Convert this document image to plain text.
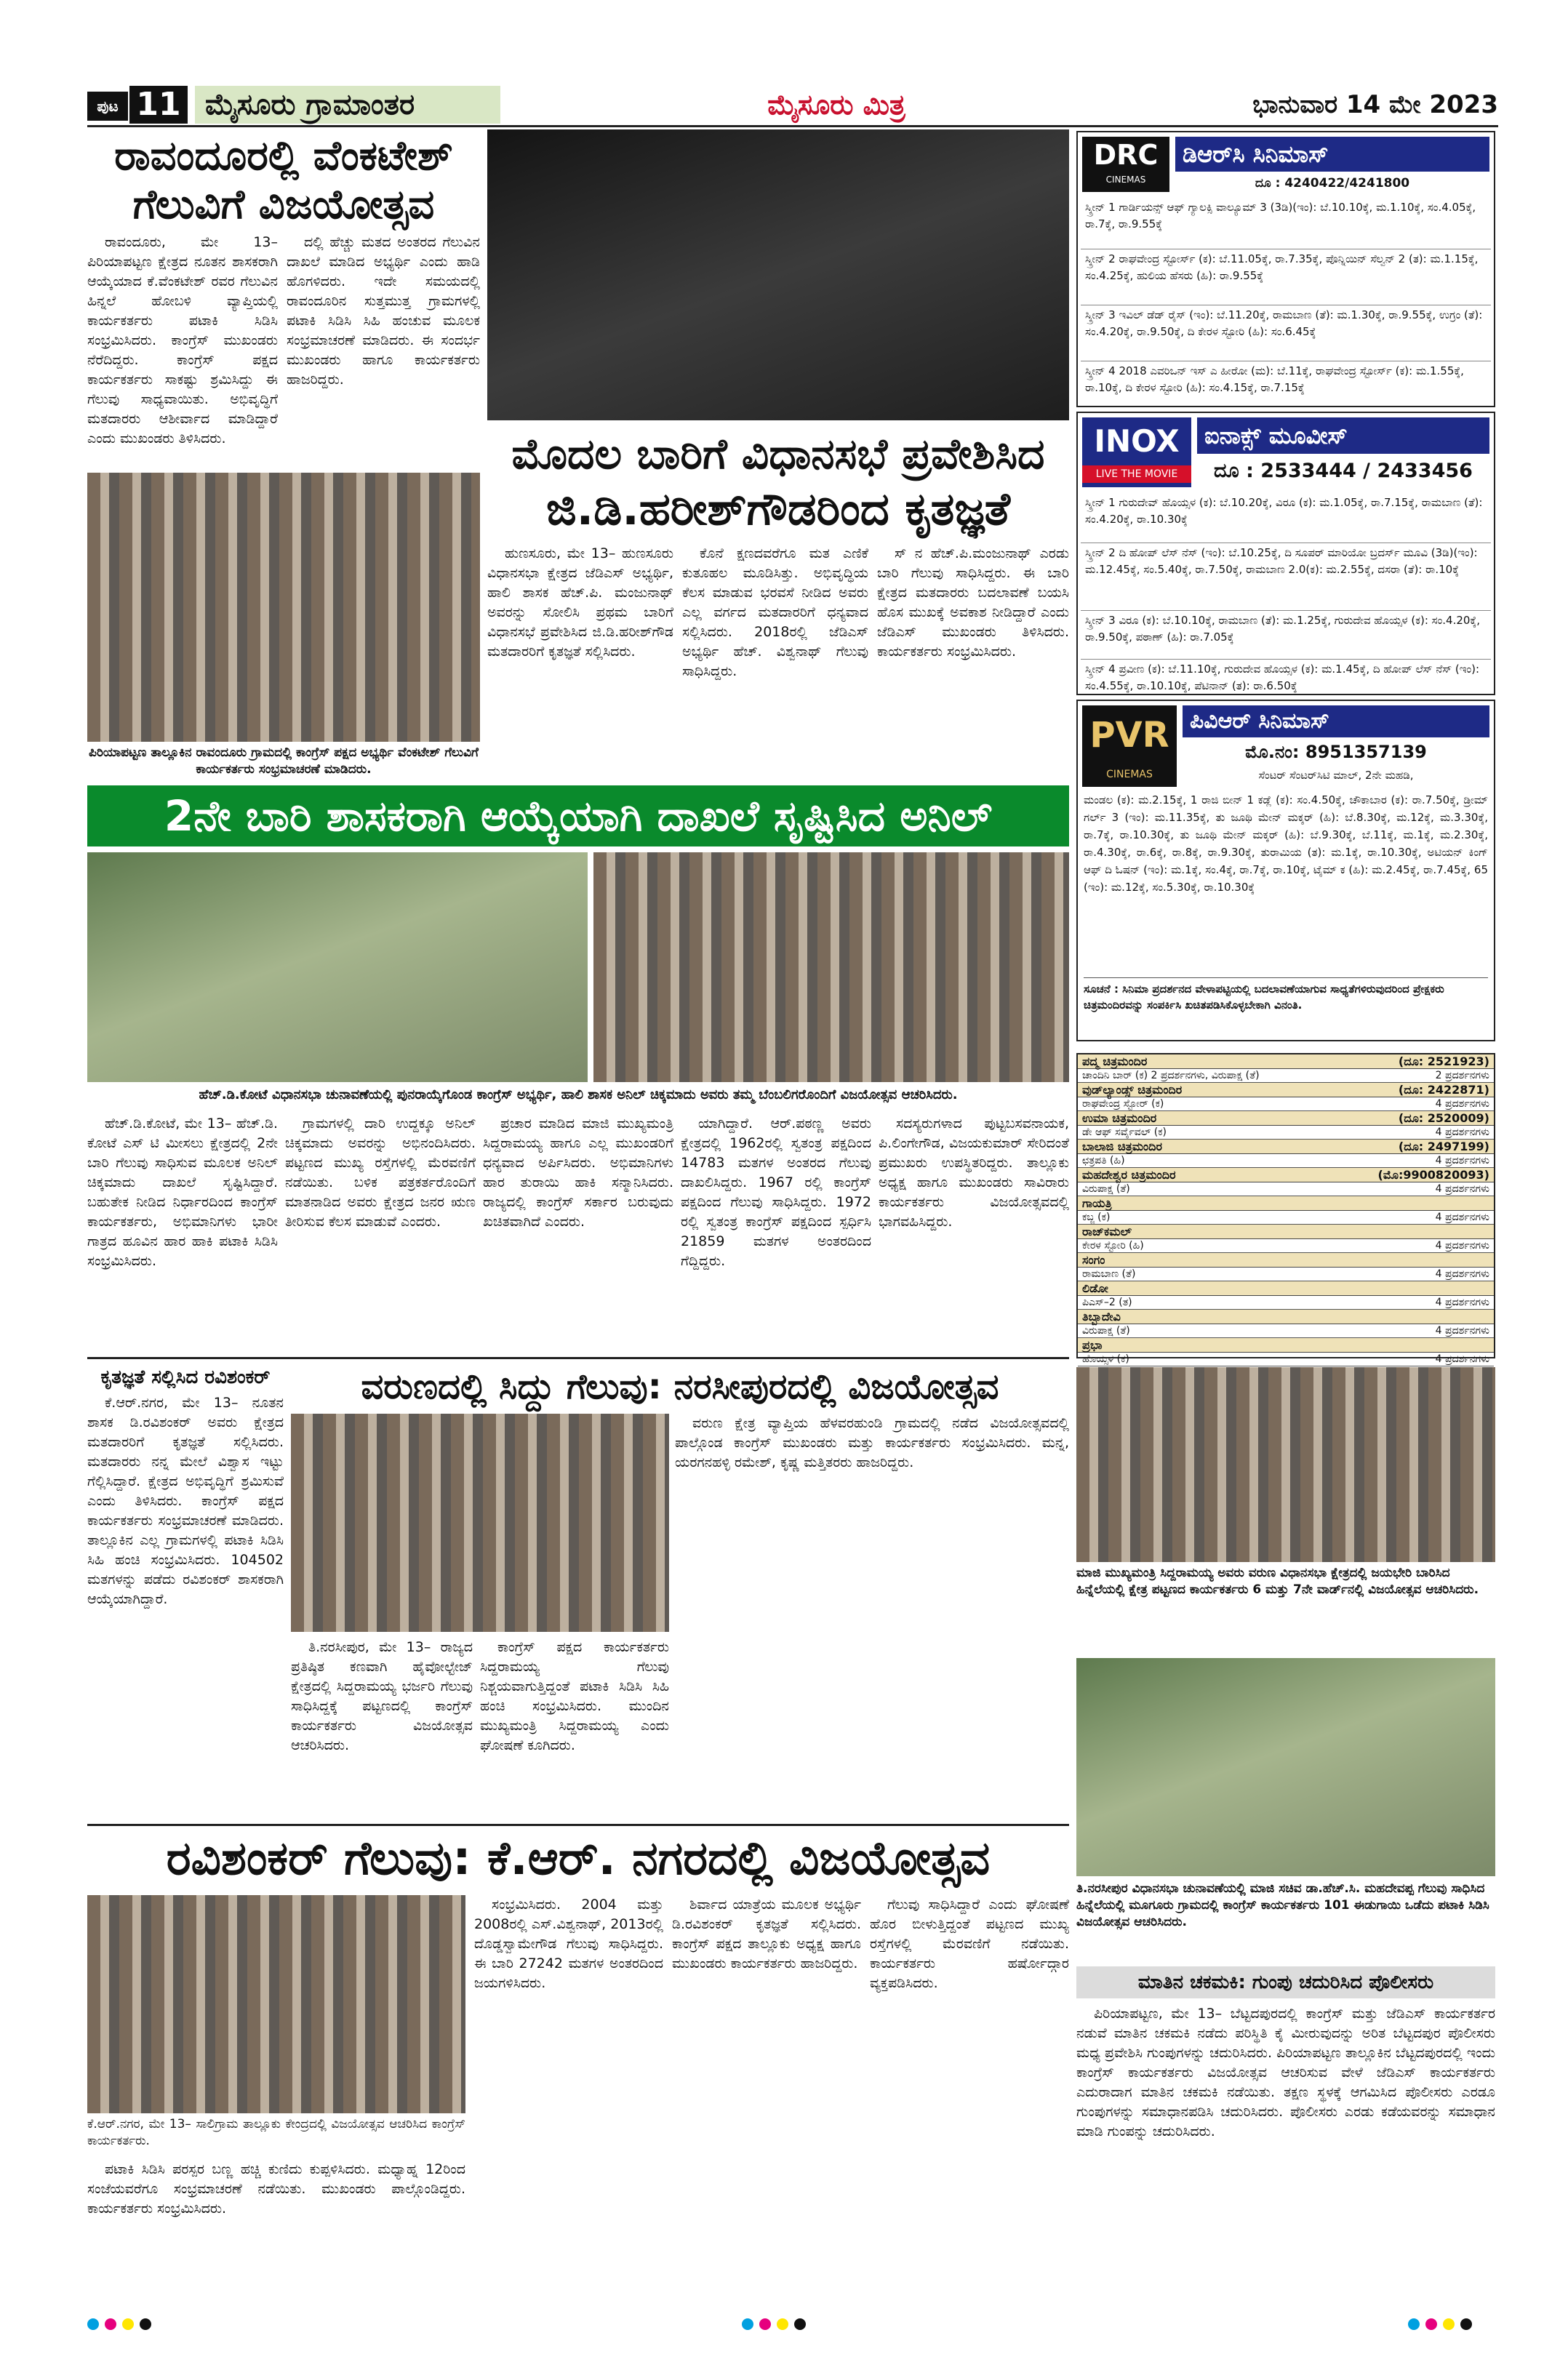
ಪುಟ 11 ಮೈಸೂರು ಗ್ರಾಮಾಂತರ	ಮೈಸೂರು ಮಿತ್ರ	ಭಾನುವಾರ 14 ಮೇ 2023
ರಾವಂದೂರಲ್ಲಿ ವೆಂಕಟೇಶ್
ಗೆಲುವಿಗೆ ವಿಜಯೋತ್ಸವ

ರಾವಂದೂರು, ಮೇ 13– ಪಿರಿಯಾಪಟ್ಟಣ ಕ್ಷೇತ್ರದ ನೂತನ ಶಾಸಕರಾಗಿ ಆಯ್ಕೆಯಾದ ಕೆ.ವೆಂಕಟೇಶ್ ರವರ ಗೆಲುವಿನ ಹಿನ್ನಲೆ ಹೋಬಳಿ ವ್ಯಾಪ್ತಿಯಲ್ಲಿ ಕಾರ್ಯಕರ್ತರು ಪಟಾಕಿ ಸಿಡಿಸಿ ಸಂಭ್ರಮಿಸಿದರು. ಕಾಂಗ್ರೆಸ್ ಮುಖಂಡರು ನೆರೆದಿದ್ದರು. ಕಾಂಗ್ರೆಸ್ ಪಕ್ಷದ ಕಾರ್ಯಕರ್ತರು ಸಾಕಷ್ಟು ಶ್ರಮಿಸಿದ್ದು ಈ ಗೆಲುವು ಸಾಧ್ಯವಾಯಿತು. ಅಭಿವೃದ್ಧಿಗೆ ಮತದಾರರು ಆಶೀರ್ವಾದ ಮಾಡಿದ್ದಾರೆ ಎಂದು ಮುಖಂಡರು ತಿಳಿಸಿದರು.

ದಲ್ಲಿ ಹೆಚ್ಚು ಮತದ ಅಂತರದ ಗೆಲುವಿನ ದಾಖಲೆ ಮಾಡಿದ ಅಭ್ಯರ್ಥಿ ಎಂದು ಹಾಡಿ ಹೊಗಳಿದರು. ಇದೇ ಸಮಯದಲ್ಲಿ ರಾವಂದೂರಿನ ಸುತ್ತಮುತ್ತ ಗ್ರಾಮಗಳಲ್ಲಿ ಪಟಾಕಿ ಸಿಡಿಸಿ ಸಿಹಿ ಹಂಚುವ ಮೂಲಕ ಸಂಭ್ರಮಾಚರಣೆ ಮಾಡಿದರು. ಈ ಸಂದರ್ಭ ಮುಖಂಡರು ಹಾಗೂ ಕಾರ್ಯಕರ್ತರು ಹಾಜರಿದ್ದರು.

ಪಿರಿಯಾಪಟ್ಟಣ ತಾಲ್ಲೂಕಿನ ರಾವಂದೂರು ಗ್ರಾಮದಲ್ಲಿ ಕಾಂಗ್ರೆಸ್ ಪಕ್ಷದ ಅಭ್ಯರ್ಥಿ ವೆಂಕಟೇಶ್ ಗೆಲುವಿಗೆ ಕಾರ್ಯಕರ್ತರು ಸಂಭ್ರಮಾಚರಣೆ ಮಾಡಿದರು.
ಮೊದಲ ಬಾರಿಗೆ ವಿಧಾನಸಭೆ ಪ್ರವೇಶಿಸಿದ
ಜಿ.ಡಿ.ಹರೀಶ್‌ಗೌಡರಿಂದ ಕೃತಜ್ಞತೆ

ಹುಣಸೂರು, ಮೇ 13– ಹುಣಸೂರು ವಿಧಾನಸಭಾ ಕ್ಷೇತ್ರದ ಜೆಡಿಎಸ್ ಅಭ್ಯರ್ಥಿ, ಹಾಲಿ ಶಾಸಕ ಹೆಚ್.ಪಿ. ಮಂಜುನಾಥ್ ಅವರನ್ನು ಸೋಲಿಸಿ ಪ್ರಥಮ ಬಾರಿಗೆ ವಿಧಾನಸಭೆ ಪ್ರವೇಶಿಸಿದ ಜಿ.ಡಿ.ಹರೀಶ್‌ಗೌಡ ಮತದಾರರಿಗೆ ಕೃತಜ್ಞತೆ ಸಲ್ಲಿಸಿದರು.

ಕೊನೆ ಕ್ಷಣದವರೆಗೂ ಮತ ಎಣಿಕೆ ಕುತೂಹಲ ಮೂಡಿಸಿತ್ತು. ಅಭಿವೃದ್ಧಿಯ ಕೆಲಸ ಮಾಡುವ ಭರವಸೆ ನೀಡಿದ ಅವರು ಎಲ್ಲ ವರ್ಗದ ಮತದಾರರಿಗೆ ಧನ್ಯವಾದ ಸಲ್ಲಿಸಿದರು. 2018ರಲ್ಲಿ ಜೆಡಿಎಸ್ ಅಭ್ಯರ್ಥಿ ಹೆಚ್. ವಿಶ್ವನಾಥ್ ಗೆಲುವು ಸಾಧಿಸಿದ್ದರು.

ಸ್ ನ ಹೆಚ್.ಪಿ.ಮಂಜುನಾಥ್ ಎರಡು ಬಾರಿ ಗೆಲುವು ಸಾಧಿಸಿದ್ದರು. ಈ ಬಾರಿ ಕ್ಷೇತ್ರದ ಮತದಾರರು ಬದಲಾವಣೆ ಬಯಸಿ ಹೊಸ ಮುಖಕ್ಕೆ ಅವಕಾಶ ನೀಡಿದ್ದಾರೆ ಎಂದು ಜೆಡಿಎಸ್ ಮುಖಂಡರು ತಿಳಿಸಿದರು. ಕಾರ್ಯಕರ್ತರು ಸಂಭ್ರಮಿಸಿದರು.

2ನೇ ಬಾರಿ ಶಾಸಕರಾಗಿ ಆಯ್ಕೆಯಾಗಿ ದಾಖಲೆ ಸೃಷ್ಟಿಸಿದ ಅನಿಲ್
ಹೆಚ್.ಡಿ.ಕೋಟೆ ವಿಧಾನಸಭಾ ಚುನಾವಣೆಯಲ್ಲಿ ಪುನರಾಯ್ಕೆಗೊಂಡ ಕಾಂಗ್ರೆಸ್ ಅಭ್ಯರ್ಥಿ, ಹಾಲಿ ಶಾಸಕ ಅನಿಲ್ ಚಿಕ್ಕಮಾದು ಅವರು ತಮ್ಮ ಬೆಂಬಲಿಗರೊಂದಿಗೆ ವಿಜಯೋತ್ಸವ ಆಚರಿಸಿದರು.

ಹೆಚ್.ಡಿ.ಕೋಟೆ, ಮೇ 13– ಹೆಚ್.ಡಿ. ಕೋಟೆ ಎಸ್ ಟಿ ಮೀಸಲು ಕ್ಷೇತ್ರದಲ್ಲಿ 2ನೇ ಬಾರಿ ಗೆಲುವು ಸಾಧಿಸುವ ಮೂಲಕ ಅನಿಲ್ ಚಿಕ್ಕಮಾದು ದಾಖಲೆ ಸೃಷ್ಟಿಸಿದ್ದಾರೆ. ಬಹುತೇಕ ನೀಡಿದ ನಿರ್ಧಾರದಿಂದ ಕಾಂಗ್ರೆಸ್ ಕಾರ್ಯಕರ್ತರು, ಅಭಿಮಾನಿಗಳು ಭಾರೀ ಗಾತ್ರದ ಹೂವಿನ ಹಾರ ಹಾಕಿ ಪಟಾಕಿ ಸಿಡಿಸಿ ಸಂಭ್ರಮಿಸಿದರು.

ಗ್ರಾಮಗಳಲ್ಲಿ ದಾರಿ ಉದ್ದಕ್ಕೂ ಅನಿಲ್ ಚಿಕ್ಕಮಾದು ಅವರನ್ನು ಅಭಿನಂದಿಸಿದರು. ಪಟ್ಟಣದ ಮುಖ್ಯ ರಸ್ತೆಗಳಲ್ಲಿ ಮೆರವಣಿಗೆ ನಡೆಯಿತು. ಬಳಿಕ ಪತ್ರಕರ್ತರೊಂದಿಗೆ ಮಾತನಾಡಿದ ಅವರು ಕ್ಷೇತ್ರದ ಜನರ ಋಣ ತೀರಿಸುವ ಕೆಲಸ ಮಾಡುವೆ ಎಂದರು.

ಪ್ರಚಾರ ಮಾಡಿದ ಮಾಜಿ ಮುಖ್ಯಮಂತ್ರಿ ಸಿದ್ದರಾಮಯ್ಯ ಹಾಗೂ ಎಲ್ಲ ಮುಖಂಡರಿಗೆ ಧನ್ಯವಾದ ಅರ್ಪಿಸಿದರು. ಅಭಿಮಾನಿಗಳು ಹಾರ ತುರಾಯಿ ಹಾಕಿ ಸನ್ಮಾನಿಸಿದರು. ರಾಜ್ಯದಲ್ಲಿ ಕಾಂಗ್ರೆಸ್ ಸರ್ಕಾರ ಬರುವುದು ಖಚಿತವಾಗಿದೆ ಎಂದರು.

ಯಾಗಿದ್ದಾರೆ. ಆರ್.ಪಠಣ್ಣ ಅವರು ಕ್ಷೇತ್ರದಲ್ಲಿ 1962ರಲ್ಲಿ ಸ್ವತಂತ್ರ ಪಕ್ಷದಿಂದ 14783 ಮತಗಳ ಅಂತರದ ಗೆಲುವು ದಾಖಲಿಸಿದ್ದರು. 1967 ರಲ್ಲಿ ಕಾಂಗ್ರೆಸ್ ಪಕ್ಷದಿಂದ ಗೆಲುವು ಸಾಧಿಸಿದ್ದರು. 1972 ರಲ್ಲಿ ಸ್ವತಂತ್ರ ಕಾಂಗ್ರೆಸ್ ಪಕ್ಷದಿಂದ ಸ್ಪರ್ಧಿಸಿ 21859 ಮತಗಳ ಅಂತರದಿಂದ ಗೆದ್ದಿದ್ದರು.

ಸದಸ್ಯರುಗಳಾದ ಪುಟ್ಟಬಸವನಾಯಕ, ಪಿ.ಲಿಂಗೇಗೌಡ, ವಿಜಯಕುಮಾರ್ ಸೇರಿದಂತೆ ಪ್ರಮುಖರು ಉಪಸ್ಥಿತರಿದ್ದರು. ತಾಲ್ಲೂಕು ಅಧ್ಯಕ್ಷ ಹಾಗೂ ಮುಖಂಡರು ಸಾವಿರಾರು ಕಾರ್ಯಕರ್ತರು ವಿಜಯೋತ್ಸವದಲ್ಲಿ ಭಾಗವಹಿಸಿದ್ದರು.

ಕೃತಜ್ಞತೆ ಸಲ್ಲಿಸಿದ ರವಿಶಂಕರ್

ಕೆ.ಆರ್.ನಗರ, ಮೇ 13– ನೂತನ ಶಾಸಕ ಡಿ.ರವಿಶಂಕರ್ ಅವರು ಕ್ಷೇತ್ರದ ಮತದಾರರಿಗೆ ಕೃತಜ್ಞತೆ ಸಲ್ಲಿಸಿದರು. ಮತದಾರರು ನನ್ನ ಮೇಲೆ ವಿಶ್ವಾಸ ಇಟ್ಟು ಗೆಲ್ಲಿಸಿದ್ದಾರೆ. ಕ್ಷೇತ್ರದ ಅಭಿವೃದ್ಧಿಗೆ ಶ್ರಮಿಸುವೆ ಎಂದು ತಿಳಿಸಿದರು. ಕಾಂಗ್ರೆಸ್ ಪಕ್ಷದ ಕಾರ್ಯಕರ್ತರು ಸಂಭ್ರಮಾಚರಣೆ ಮಾಡಿದರು. ತಾಲ್ಲೂಕಿನ ಎಲ್ಲ ಗ್ರಾಮಗಳಲ್ಲಿ ಪಟಾಕಿ ಸಿಡಿಸಿ ಸಿಹಿ ಹಂಚಿ ಸಂಭ್ರಮಿಸಿದರು. 104502 ಮತಗಳನ್ನು ಪಡೆದು ರವಿಶಂಕರ್ ಶಾಸಕರಾಗಿ ಆಯ್ಕೆಯಾಗಿದ್ದಾರೆ.

ವರುಣದಲ್ಲಿ ಸಿದ್ದು ಗೆಲುವು: ನರಸೀಪುರದಲ್ಲಿ ವಿಜಯೋತ್ಸವ

ವರುಣ ಕ್ಷೇತ್ರ ವ್ಯಾಪ್ತಿಯ ಹೆಳವರಹುಂಡಿ ಗ್ರಾಮದಲ್ಲಿ ನಡೆದ ವಿಜಯೋತ್ಸವದಲ್ಲಿ ಪಾಲ್ಗೊಂಡ ಕಾಂಗ್ರೆಸ್ ಮುಖಂಡರು ಮತ್ತು ಕಾರ್ಯಕರ್ತರು ಸಂಭ್ರಮಿಸಿದರು. ಮನ್ನ, ಯರಗನಹಳ್ಳಿ ರಮೇಶ್, ಕೃಷ್ಣ ಮತ್ತಿತರರು ಹಾಜರಿದ್ದರು.

ತಿ.ನರಸೀಪುರ, ಮೇ 13– ರಾಜ್ಯದ ಪ್ರತಿಷ್ಠಿತ ಕಣವಾಗಿ ಹೈವೋಲ್ಟೇಜ್ ಕ್ಷೇತ್ರದಲ್ಲಿ ಸಿದ್ದರಾಮಯ್ಯ ಭರ್ಜರಿ ಗೆಲುವು ಸಾಧಿಸಿದ್ದಕ್ಕೆ ಪಟ್ಟಣದಲ್ಲಿ ಕಾಂಗ್ರೆಸ್ ಕಾರ್ಯಕರ್ತರು ವಿಜಯೋತ್ಸವ ಆಚರಿಸಿದರು.

ಕಾಂಗ್ರೆಸ್ ಪಕ್ಷದ ಕಾರ್ಯಕರ್ತರು ಸಿದ್ದರಾಮಯ್ಯ ಗೆಲುವು ನಿಶ್ಚಯವಾಗುತ್ತಿದ್ದಂತೆ ಪಟಾಕಿ ಸಿಡಿಸಿ ಸಿಹಿ ಹಂಚಿ ಸಂಭ್ರಮಿಸಿದರು. ಮುಂದಿನ ಮುಖ್ಯಮಂತ್ರಿ ಸಿದ್ದರಾಮಯ್ಯ ಎಂದು ಘೋಷಣೆ ಕೂಗಿದರು.

ಮಾಜಿ ಮುಖ್ಯಮಂತ್ರಿ ಸಿದ್ದರಾಮಯ್ಯ ಅವರು ವರುಣ ವಿಧಾನಸಭಾ ಕ್ಷೇತ್ರದಲ್ಲಿ ಜಯಭೇರಿ ಬಾರಿಸಿದ ಹಿನ್ನೆಲೆಯಲ್ಲಿ ಕ್ಷೇತ್ರ ಪಟ್ಟಣದ ಕಾರ್ಯಕರ್ತರು 6 ಮತ್ತು 7ನೇ ವಾರ್ಡ್‌ನಲ್ಲಿ ವಿಜಯೋತ್ಸವ ಆಚರಿಸಿದರು.
ತಿ.ನರಸೀಪುರ ವಿಧಾನಸಭಾ ಚುನಾವಣೆಯಲ್ಲಿ ಮಾಜಿ ಸಚಿವ ಡಾ.ಹೆಚ್.ಸಿ. ಮಹದೇವಪ್ಪ ಗೆಲುವು ಸಾಧಿಸಿದ ಹಿನ್ನೆಲೆಯಲ್ಲಿ ಮೂಗೂರು ಗ್ರಾಮದಲ್ಲಿ ಕಾಂಗ್ರೆಸ್ ಕಾರ್ಯಕರ್ತರು 101 ಈಡುಗಾಯಿ ಒಡೆದು ಪಟಾಕಿ ಸಿಡಿಸಿ ವಿಜಯೋತ್ಸವ ಆಚರಿಸಿದರು.
ರವಿಶಂಕರ್ ಗೆಲುವು: ಕೆ.ಆರ್. ನಗರದಲ್ಲಿ ವಿಜಯೋತ್ಸವ
ಕೆ.ಆರ್.ನಗರ, ಮೇ 13– ಸಾಲಿಗ್ರಾಮ ತಾಲ್ಲೂಕು ಕೇಂದ್ರದಲ್ಲಿ ವಿಜಯೋತ್ಸವ ಆಚರಿಸಿದ ಕಾಂಗ್ರೆಸ್ ಕಾರ್ಯಕರ್ತರು.

ಪಟಾಕಿ ಸಿಡಿಸಿ ಪರಸ್ಪರ ಬಣ್ಣ ಹಚ್ಚಿ ಕುಣಿದು ಕುಪ್ಪಳಿಸಿದರು. ಮಧ್ಯಾಹ್ನ 12ರಿಂದ ಸಂಜೆಯವರೆಗೂ ಸಂಭ್ರಮಾಚರಣೆ ನಡೆಯಿತು. ಮುಖಂಡರು ಪಾಲ್ಗೊಂಡಿದ್ದರು. ಕಾರ್ಯಕರ್ತರು ಸಂಭ್ರಮಿಸಿದರು.

ಸಂಭ್ರಮಿಸಿದರು. 2004 ಮತ್ತು 2008ರಲ್ಲಿ ಎಸ್.ವಿಶ್ವನಾಥ್, 2013ರಲ್ಲಿ ದೊಡ್ಡಸ್ವಾಮೇಗೌಡ ಗೆಲುವು ಸಾಧಿಸಿದ್ದರು. ಈ ಬಾರಿ 27242 ಮತಗಳ ಅಂತರದಿಂದ ಜಯಗಳಿಸಿದರು.

ಶಿರ್ವಾದ ಯಾತ್ರೆಯ ಮೂಲಕ ಅಭ್ಯರ್ಥಿ ಡಿ.ರವಿಶಂಕರ್ ಕೃತಜ್ಞತೆ ಸಲ್ಲಿಸಿದರು. ಕಾಂಗ್ರೆಸ್ ಪಕ್ಷದ ತಾಲ್ಲೂಕು ಅಧ್ಯಕ್ಷ ಹಾಗೂ ಮುಖಂಡರು ಕಾರ್ಯಕರ್ತರು ಹಾಜರಿದ್ದರು.

ಗೆಲುವು ಸಾಧಿಸಿದ್ದಾರೆ ಎಂದು ಘೋಷಣೆ ಹೊರ ಬೀಳುತ್ತಿದ್ದಂತೆ ಪಟ್ಟಣದ ಮುಖ್ಯ ರಸ್ತೆಗಳಲ್ಲಿ ಮೆರವಣಿಗೆ ನಡೆಯಿತು. ಕಾರ್ಯಕರ್ತರು ಹರ್ಷೋದ್ಗಾರ ವ್ಯಕ್ತಪಡಿಸಿದರು.	ಮಾತಿನ ಚಕಮಕಿ: ಗುಂಪು ಚದುರಿಸಿದ ಪೊಲೀಸರು

ಪಿರಿಯಾಪಟ್ಟಣ, ಮೇ 13– ಬೆಟ್ಟದಪುರದಲ್ಲಿ ಕಾಂಗ್ರೆಸ್ ಮತ್ತು ಜೆಡಿಎಸ್ ಕಾರ್ಯಕರ್ತರ ನಡುವೆ ಮಾತಿನ ಚಕಮಕಿ ನಡೆದು ಪರಿಸ್ಥಿತಿ ಕೈ ಮೀರುವುದನ್ನು ಅರಿತ ಬೆಟ್ಟದಪುರ ಪೊಲೀಸರು ಮಧ್ಯ ಪ್ರವೇಶಿಸಿ ಗುಂಪುಗಳನ್ನು ಚದುರಿಸಿದರು. ಪಿರಿಯಾಪಟ್ಟಣ ತಾಲ್ಲೂಕಿನ ಬೆಟ್ಟದಪುರದಲ್ಲಿ ಇಂದು ಕಾಂಗ್ರೆಸ್ ಕಾರ್ಯಕರ್ತರು ವಿಜಯೋತ್ಸವ ಆಚರಿಸುವ ವೇಳೆ ಜೆಡಿಎಸ್ ಕಾರ್ಯಕರ್ತರು ಎದುರಾದಾಗ ಮಾತಿನ ಚಕಮಕಿ ನಡೆಯಿತು. ತಕ್ಷಣ ಸ್ಥಳಕ್ಕೆ ಆಗಮಿಸಿದ ಪೊಲೀಸರು ಎರಡೂ ಗುಂಪುಗಳನ್ನು ಸಮಾಧಾನಪಡಿಸಿ ಚದುರಿಸಿದರು. ಪೊಲೀಸರು ಎರಡು ಕಡೆಯವರನ್ನು ಸಮಾಧಾನ ಮಾಡಿ ಗುಂಪನ್ನು ಚದುರಿಸಿದರು.

DRC
CINEMAS
ಡಿಆರ್‌ಸಿ ಸಿನಿಮಾಸ್
ದೂ : 4240422/4241800
ಸ್ಕ್ರೀನ್ 1 ಗಾರ್ಡಿಯನ್ಸ್ ಆಫ್ ಗ್ಯಾಲಕ್ಸಿ ವಾಲ್ಯೂಮ್ 3 (3ಡಿ)(ಇಂ): ಬೆ.10.10ಕ್ಕೆ, ಮ.1.10ಕ್ಕೆ, ಸಂ.4.05ಕ್ಕೆ, ರಾ.7ಕ್ಕೆ, ರಾ.9.55ಕ್ಕೆ
ಸ್ಕ್ರೀನ್ 2 ರಾಘವೇಂದ್ರ ಸ್ಟೋರ್ಸ್ (ಕ): ಬೆ.11.05ಕ್ಕೆ, ರಾ.7.35ಕ್ಕೆ, ಪೊನ್ನಿಯಿನ್ ಸೆಲ್ವನ್ 2 (ತ): ಮ.1.15ಕ್ಕೆ, ಸಂ.4.25ಕ್ಕೆ, ಹುಲಿಯ ಹೆಸರು (ಹಿ): ರಾ.9.55ಕ್ಕೆ
ಸ್ಕ್ರೀನ್ 3 ಇವಿಲ್ ಡೆಡ್ ರೈಸ್ (ಇಂ): ಬೆ.11.20ಕ್ಕೆ, ರಾಮಬಾಣ (ತೆ): ಮ.1.30ಕ್ಕೆ, ರಾ.9.55ಕ್ಕೆ, ಉಗ್ರಂ (ತೆ): ಸಂ.4.20ಕ್ಕೆ, ರಾ.9.50ಕ್ಕೆ, ದಿ ಕೇರಳ ಸ್ಟೋರಿ (ಹಿ): ಸಂ.6.45ಕ್ಕೆ
ಸ್ಕ್ರೀನ್ 4 2018 ಎವರಿಒನ್ ಇಸ್ ಎ ಹೀರೋ (ಮ): ಬೆ.11ಕ್ಕೆ, ರಾಘವೇಂದ್ರ ಸ್ಟೋರ್ಸ್ (ಕ): ಮ.1.55ಕ್ಕೆ, ರಾ.10ಕ್ಕೆ, ದಿ ಕೇರಳ ಸ್ಟೋರಿ (ಹಿ): ಸಂ.4.15ಕ್ಕೆ, ರಾ.7.15ಕ್ಕೆ
INOX
LIVE THE MOVIE
ಐನಾಕ್ಸ್ ಮೂವೀಸ್
ದೂ : 2533444 / 2433456
ಸ್ಕ್ರೀನ್ 1 ಗುರುದೇವ್ ಹೊಯ್ಸಳ (ಕ): ಬೆ.10.20ಕ್ಕೆ, ವಿರೂ (ಕ): ಮ.1.05ಕ್ಕೆ, ರಾ.7.15ಕ್ಕೆ, ರಾಮಬಾಣ (ತೆ): ಸಂ.4.20ಕ್ಕೆ, ರಾ.10.30ಕ್ಕೆ
ಸ್ಕ್ರೀನ್ 2 ದಿ ಹೋಪ್ ಲೆಸ್ ನೆಸ್ (ಇಂ): ಬೆ.10.25ಕ್ಕೆ, ದಿ ಸೂಪರ್ ಮಾರಿಯೋ ಬ್ರದರ್ಸ್ ಮೂವಿ (3ಡಿ)(ಇಂ): ಮ.12.45ಕ್ಕೆ, ಸಂ.5.40ಕ್ಕೆ, ರಾ.7.50ಕ್ಕೆ, ರಾಮಬಾಣ 2.0(ಕ): ಮ.2.55ಕ್ಕೆ, ದಸರಾ (ತೆ): ರಾ.10ಕ್ಕೆ
ಸ್ಕ್ರೀನ್ 3 ವಿರೂ (ಕ): ಬೆ.10.10ಕ್ಕೆ, ರಾಮಬಾಣ (ತೆ): ಮ.1.25ಕ್ಕೆ, ಗುರುದೇವ ಹೊಯ್ಸಳ (ಕ): ಸಂ.4.20ಕ್ಕೆ, ರಾ.9.50ಕ್ಕೆ, ಪಠಾಣ್ (ಹಿ): ರಾ.7.05ಕ್ಕೆ
ಸ್ಕ್ರೀನ್ 4 ಪ್ರವೀಣ (ಕ): ಬೆ.11.10ಕ್ಕೆ, ಗುರುದೇವ ಹೊಯ್ಸಳ (ಕ): ಮ.1.45ಕ್ಕೆ, ದಿ ಹೋಪ್ ಲೆಸ್ ನೆಸ್ (ಇಂ): ಸಂ.4.55ಕ್ಕೆ, ರಾ.10.10ಕ್ಕೆ, ಪೆಟಿನಾನ್ (ತ): ರಾ.6.50ಕ್ಕೆ
PVR
CINEMAS
ಪಿವಿಆರ್ ಸಿನಿಮಾಸ್
ಮೊ.ನಂ: 8951357139
ಸೆಂಟರ್ ಸೆಂಟರ್‌ಸಿಟಿ ಮಾಲ್, 2ನೇ ಮಹಡಿ,
ಮಂಡಲ (ಕ): ಮ.2.15ಕ್ಕೆ, 1 ರಾಜಿ ಬೀನ್ 1 ಕಡ್ಲೆ (ಕ): ಸಂ.4.50ಕ್ಕೆ, ಚೌಕಾಬಾರ (ಕ): ರಾ.7.50ಕ್ಕೆ, ಡ್ರೀಮ್ ಗರ್ಲ್ 3 (ಇಂ): ಮ.11.35ಕ್ಕೆ, ತು ಜೂಥಿ ಮೇನ್ ಮಕ್ಕರ್ (ಹಿ): ಬೆ.8.30ಕ್ಕೆ, ಮ.12ಕ್ಕೆ, ಮ.3.30ಕ್ಕೆ, ರಾ.7ಕ್ಕೆ, ರಾ.10.30ಕ್ಕೆ, ತು ಜೂಥಿ ಮೇನ್ ಮಕ್ಕರ್ (ಹಿ): ಬೆ.9.30ಕ್ಕೆ, ಬೆ.11ಕ್ಕೆ, ಮ.1ಕ್ಕೆ, ಮ.2.30ಕ್ಕೆ, ರಾ.4.30ಕ್ಕೆ, ರಾ.6ಕ್ಕೆ, ರಾ.8ಕ್ಕೆ, ರಾ.9.30ಕ್ಕೆ, ತುರಾಮಿಯ (ತ): ಮ.1ಕ್ಕೆ, ರಾ.10.30ಕ್ಕೆ, ಅಟಿಯನ್ ಕಿಂಗ್ ಆಫ್ ದಿ ಓಷನ್ (ಇಂ): ಮ.1ಕ್ಕೆ, ಸಂ.4ಕ್ಕೆ, ರಾ.7ಕ್ಕೆ, ರಾ.10ಕ್ಕೆ, ಟೈಮ್ ಕ (ಹಿ): ಮ.2.45ಕ್ಕೆ, ರಾ.7.45ಕ್ಕೆ, 65 (ಇಂ): ಮ.12ಕ್ಕೆ, ಸಂ.5.30ಕ್ಕೆ, ರಾ.10.30ಕ್ಕೆ
ಸೂಚನೆ : ಸಿನಿಮಾ ಪ್ರದರ್ಶನದ ವೇಳಾಪಟ್ಟಿಯಲ್ಲಿ ಬದಲಾವಣೆಯಾಗುವ ಸಾಧ್ಯತೆಗಳಿರುವುದರಿಂದ ಪ್ರೇಕ್ಷಕರು ಚಿತ್ರಮಂದಿರವನ್ನು ಸಂಪರ್ಕಿಸಿ ಖಚಿತಪಡಿಸಿಕೊಳ್ಳಬೇಕಾಗಿ ವಿನಂತಿ.
ಪದ್ಮ ಚಿತ್ರಮಂದಿರ	(ದೂ: 2521923)
ಚಾಂದಿನಿ ಬಾರ್ (ಕ) 2 ಪ್ರದರ್ಶನಗಳು, ವಿರುಪಾಕ್ಷ (ತೆ)	2 ಪ್ರದರ್ಶನಗಳು
ವುಡ್‌ಲ್ಯಾಂಡ್ಸ್ ಚಿತ್ರಮಂದಿರ	(ದೂ: 2422871)
ರಾಘವೇಂದ್ರ ಸ್ಟೋರ್ (ಕ)	4 ಪ್ರದರ್ಶನಗಳು
ಉಮಾ ಚಿತ್ರಮಂದಿರ	(ದೂ: 2520009)
ಡೇ ಆಫ್ ಸರ್ವೈವಲ್ (ಕ)	4 ಪ್ರದರ್ಶನಗಳು
ಬಾಲಾಜಿ ಚಿತ್ರಮಂದಿರ	(ದೂ: 2497199)
ಛತ್ರಪತಿ (ಹಿ)	4 ಪ್ರದರ್ಶನಗಳು
ಮಹದೇಶ್ವರ ಚಿತ್ರಮಂದಿರ	(ಮೊ:9900820093)
ವಿರುಪಾಕ್ಷ (ತೆ)	4 ಪ್ರದರ್ಶನಗಳು
ಗಾಯತ್ರಿ
ಕಬ್ಜ (ಕ)	4 ಪ್ರದರ್ಶನಗಳು
ರಾಜ್‌ಕಮಲ್
ಕೇರಳ ಸ್ಟೋರಿ (ಹಿ)	4 ಪ್ರದರ್ಶನಗಳು
ಸಂಗಂ
ರಾಮಬಾಣ (ತೆ)	4 ಪ್ರದರ್ಶನಗಳು
ಲಿಡೋ
ಪಿಎಸ್–2 (ತ)	4 ಪ್ರದರ್ಶನಗಳು
ತಿಬ್ಬಾದೇವಿ
ವಿರುಪಾಕ್ಷ (ತೆ)	4 ಪ್ರದರ್ಶನಗಳು
ಪ್ರಭಾ
ಹೊಯ್ಸಳ (ಕ)	4 ಪ್ರದರ್ಶನಗಳು
